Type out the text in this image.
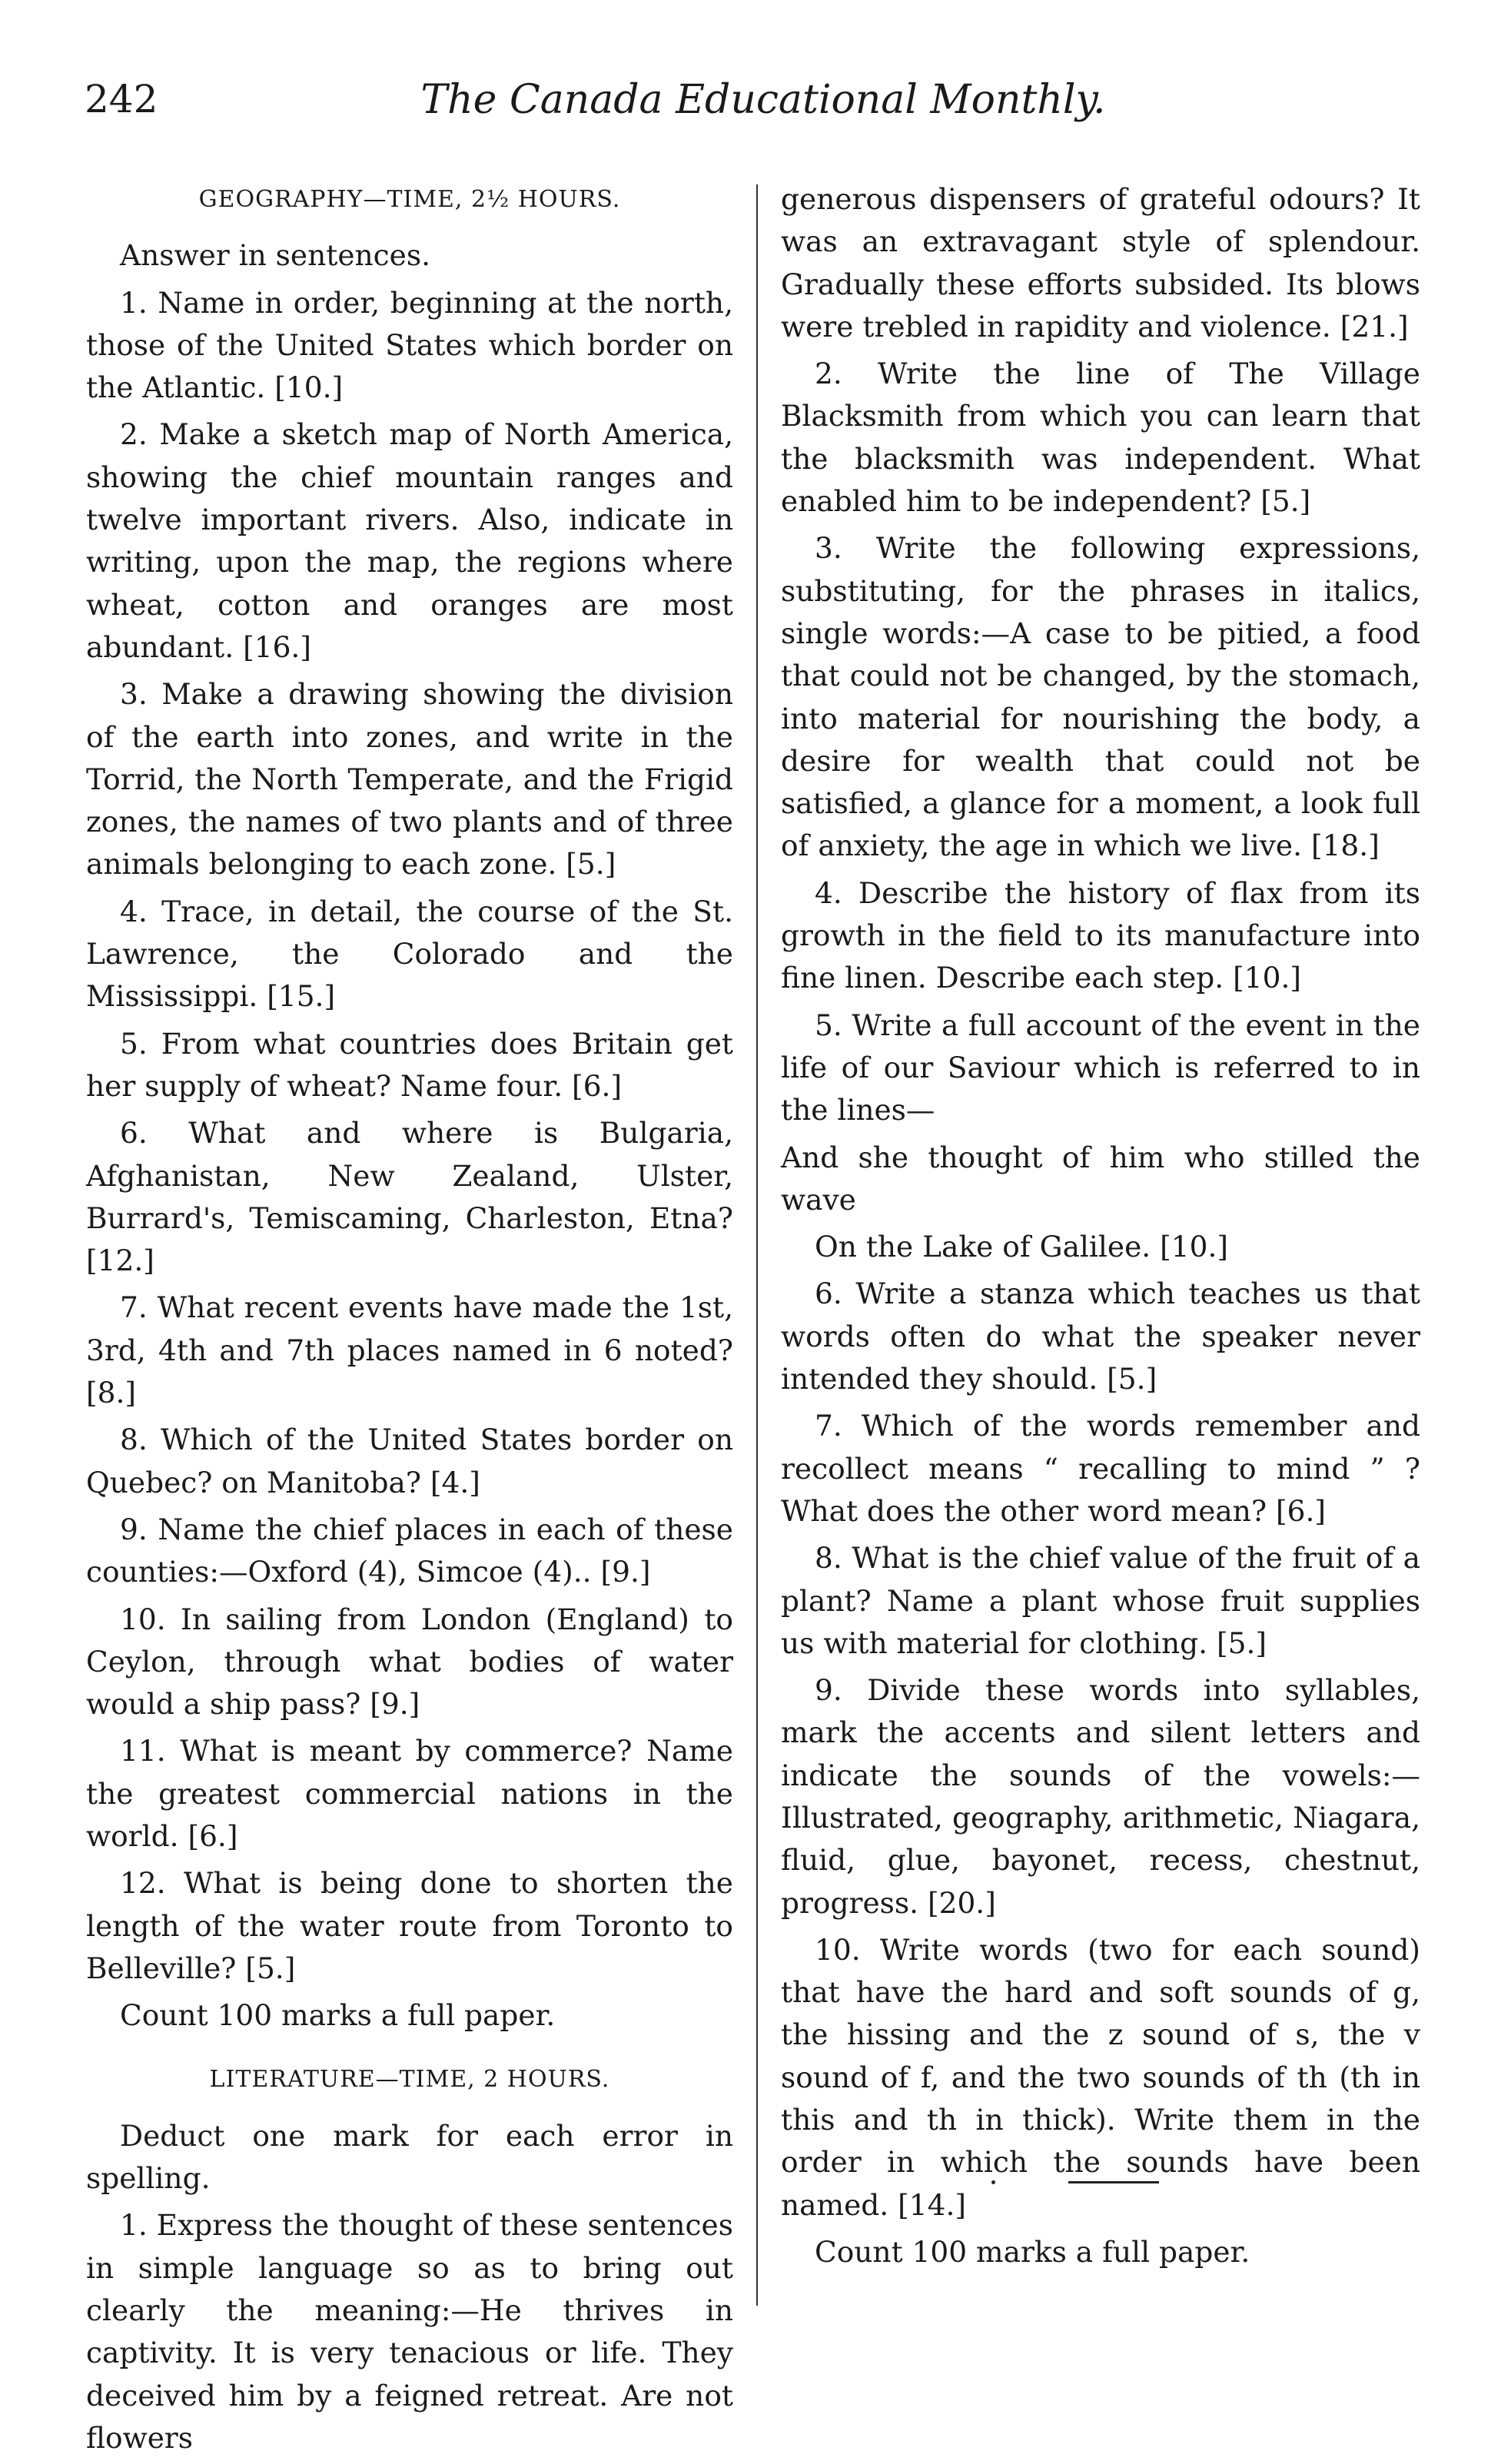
242	The Canada Educational Monthly.
GEOGRAPHY—TIME, 2½ HOURS.

Answer in sentences.

1. Name in order, beginning at the north, those of the United States which border on the Atlantic. [10.]

2. Make a sketch map of North America, showing the chief mountain ranges and twelve important rivers. Also, indicate in writing, upon the map, the regions where wheat, cotton and oranges are most abundant. [16.]

3. Make a drawing showing the division of the earth into zones, and write in the Torrid, the North Temperate, and the Frigid zones, the names of two plants and of three animals belonging to each zone. [5.]

4. Trace, in detail, the course of the St. Lawrence, the Colorado and the Mississippi. [15.]

5. From what countries does Britain get her supply of wheat? Name four. [6.]

6. What and where is Bulgaria, Afghanistan, New Zealand, Ulster, Burrard's, Temiscaming, Charleston, Etna? [12.]

7. What recent events have made the 1st, 3rd, 4th and 7th places named in 6 noted? [8.]

8. Which of the United States border on Quebec? on Manitoba? [4.]

9. Name the chief places in each of these counties:—Oxford (4), Simcoe (4).. [9.]

10. In sailing from London (England) to Ceylon, through what bodies of water would a ship pass? [9.]

11. What is meant by commerce? Name the greatest commercial nations in the world. [6.]

12. What is being done to shorten the length of the water route from Toronto to Belleville? [5.]

Count 100 marks a full paper.

LITERATURE—TIME, 2 HOURS.

Deduct one mark for each error in spelling.

1. Express the thought of these sentences in simple language so as to bring out clearly the meaning:—He thrives in captivity. It is very tenacious or life. They deceived him by a feigned retreat. Are not flowers

generous dispensers of grateful odours? It was an extravagant style of splendour. Gradually these efforts subsided. Its blows were trebled in rapidity and violence. [21.]

2. Write the line of The Village Blacksmith from which you can learn that the blacksmith was independent. What enabled him to be independent? [5.]

3. Write the following expressions, substituting, for the phrases in italics, single words:—A case to be pitied, a food that could not be changed, by the stomach, into material for nourishing the body, a desire for wealth that could not be satisfied, a glance for a moment, a look full of anxiety, the age in which we live. [18.]

4. Describe the history of flax from its growth in the field to its manufacture into fine linen. Describe each step. [10.]

5. Write a full account of the event in the life of our Saviour which is referred to in the lines—

And she thought of him who stilled the wave

On the Lake of Galilee. [10.]

6. Write a stanza which teaches us that words often do what the speaker never intended they should. [5.]

7. Which of the words remember and recollect means “ recalling to mind ” ? What does the other word mean? [6.]

8. What is the chief value of the fruit of a plant? Name a plant whose fruit supplies us with material for clothing. [5.]

9. Divide these words into syllables, mark the accents and silent letters and indicate the sounds of the vowels:—Illustrated, geography, arithmetic, Niagara, fluid, glue, bayonet, recess, chestnut, progress. [20.]

10. Write words (two for each sound) that have the hard and soft sounds of g, the hissing and the z sound of s, the v sound of f, and the two sounds of th (th in this and th in thick). Write them in the order in which the sounds have been named. [14.]

Count 100 marks a full paper.
